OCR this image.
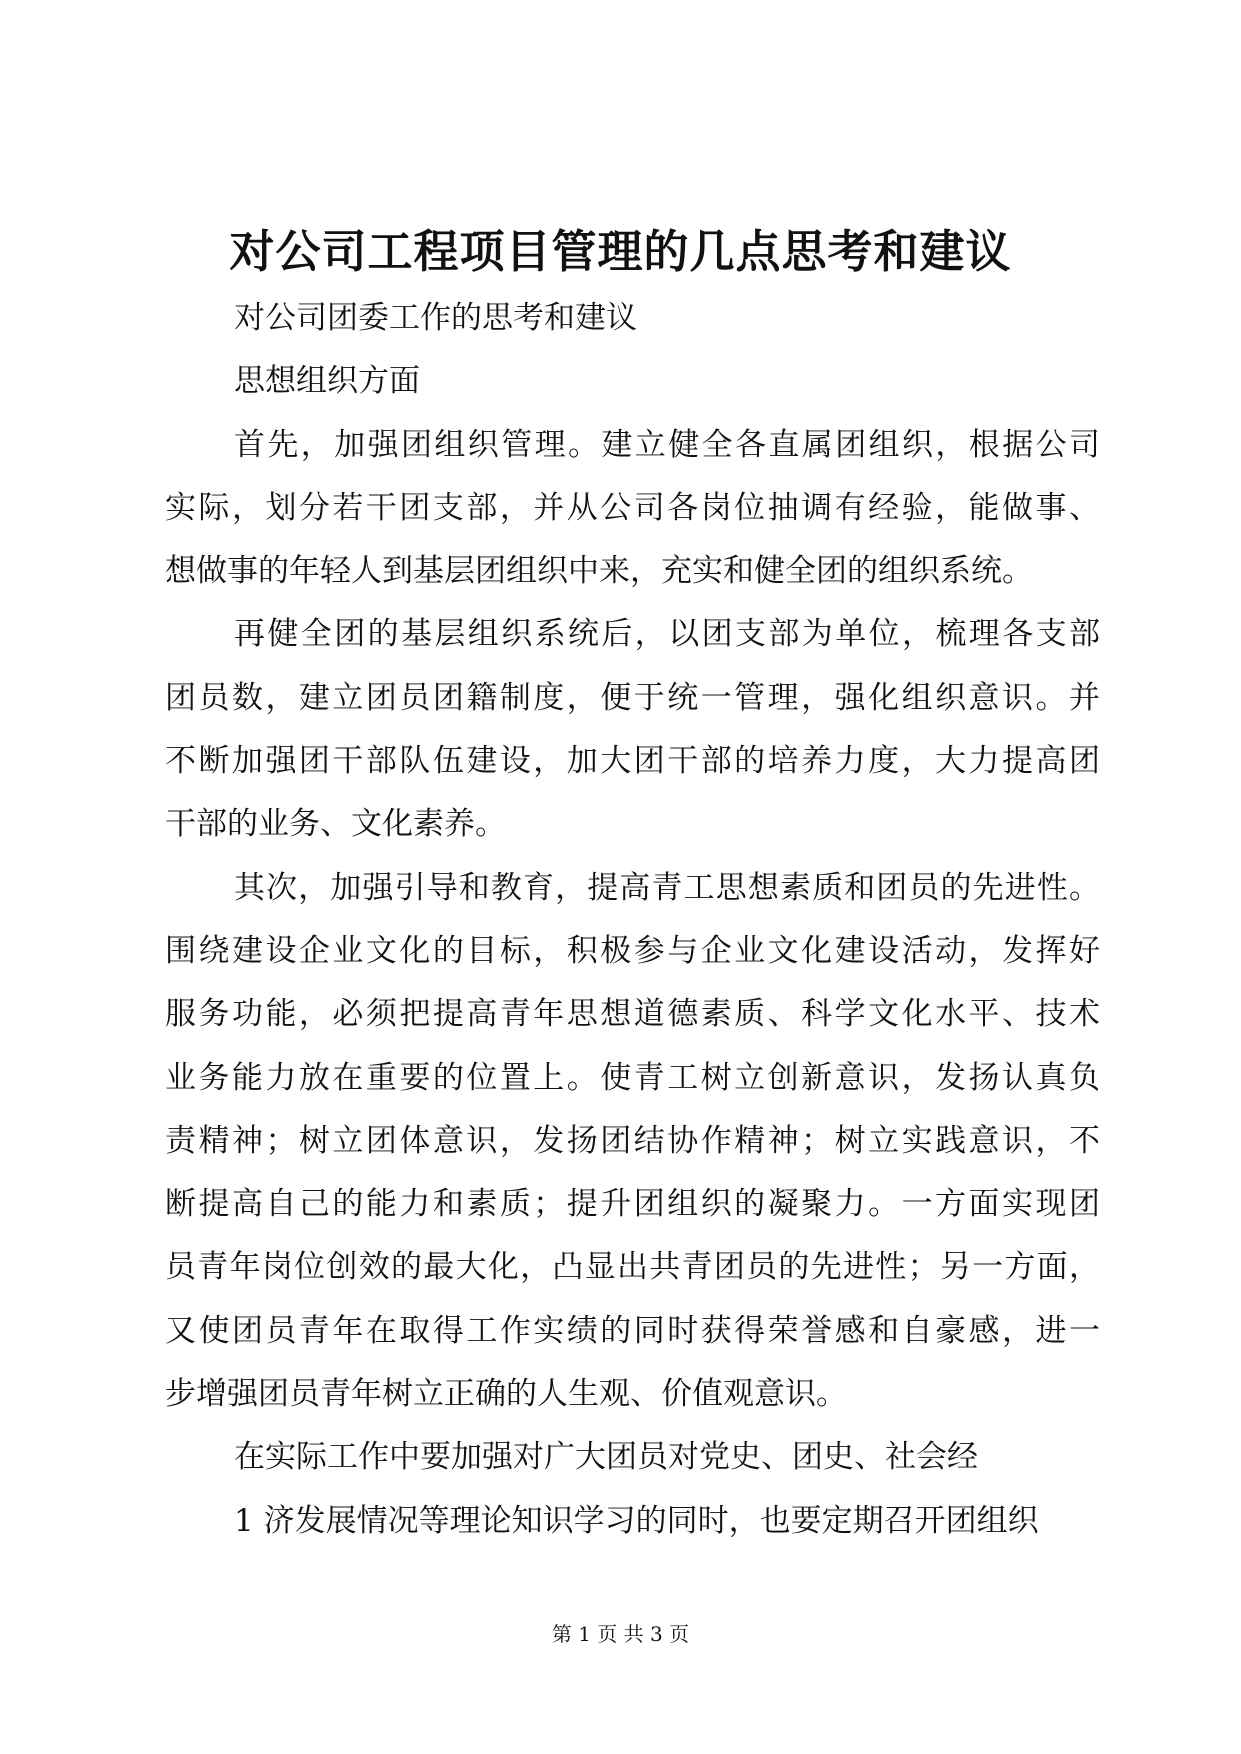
对公司工程项目管理的几点思考和建议
对公司团委工作的思考和建议
思想组织方面
首先，加强团组织管理。建立健全各直属团组织，根据公司
实际，划分若干团支部，并从公司各岗位抽调有经验，能做事、
想做事的年轻人到基层团组织中来，充实和健全团的组织系统。
再健全团的基层组织系统后，以团支部为单位，梳理各支部
团员数，建立团员团籍制度，便于统一管理，强化组织意识。并
不断加强团干部队伍建设，加大团干部的培养力度，大力提高团
干部的业务、文化素养。
其次，加强引导和教育，提高青工思想素质和团员的先进性。
围绕建设企业文化的目标，积极参与企业文化建设活动，发挥好
服务功能，必须把提高青年思想道德素质、科学文化水平、技术
业务能力放在重要的位置上。使青工树立创新意识，发扬认真负
责精神；树立团体意识，发扬团结协作精神；树立实践意识，不
断提高自己的能力和素质；提升团组织的凝聚力。一方面实现团
员青年岗位创效的最大化，凸显出共青团员的先进性；另一方面，
又使团员青年在取得工作实绩的同时获得荣誉感和自豪感，进一
步增强团员青年树立正确的人生观、价值观意识。
在实际工作中要加强对广大团员对党史、团史、社会经
1 济发展情况等理论知识学习的同时，也要定期召开团组织
第 1 页 共 3 页
